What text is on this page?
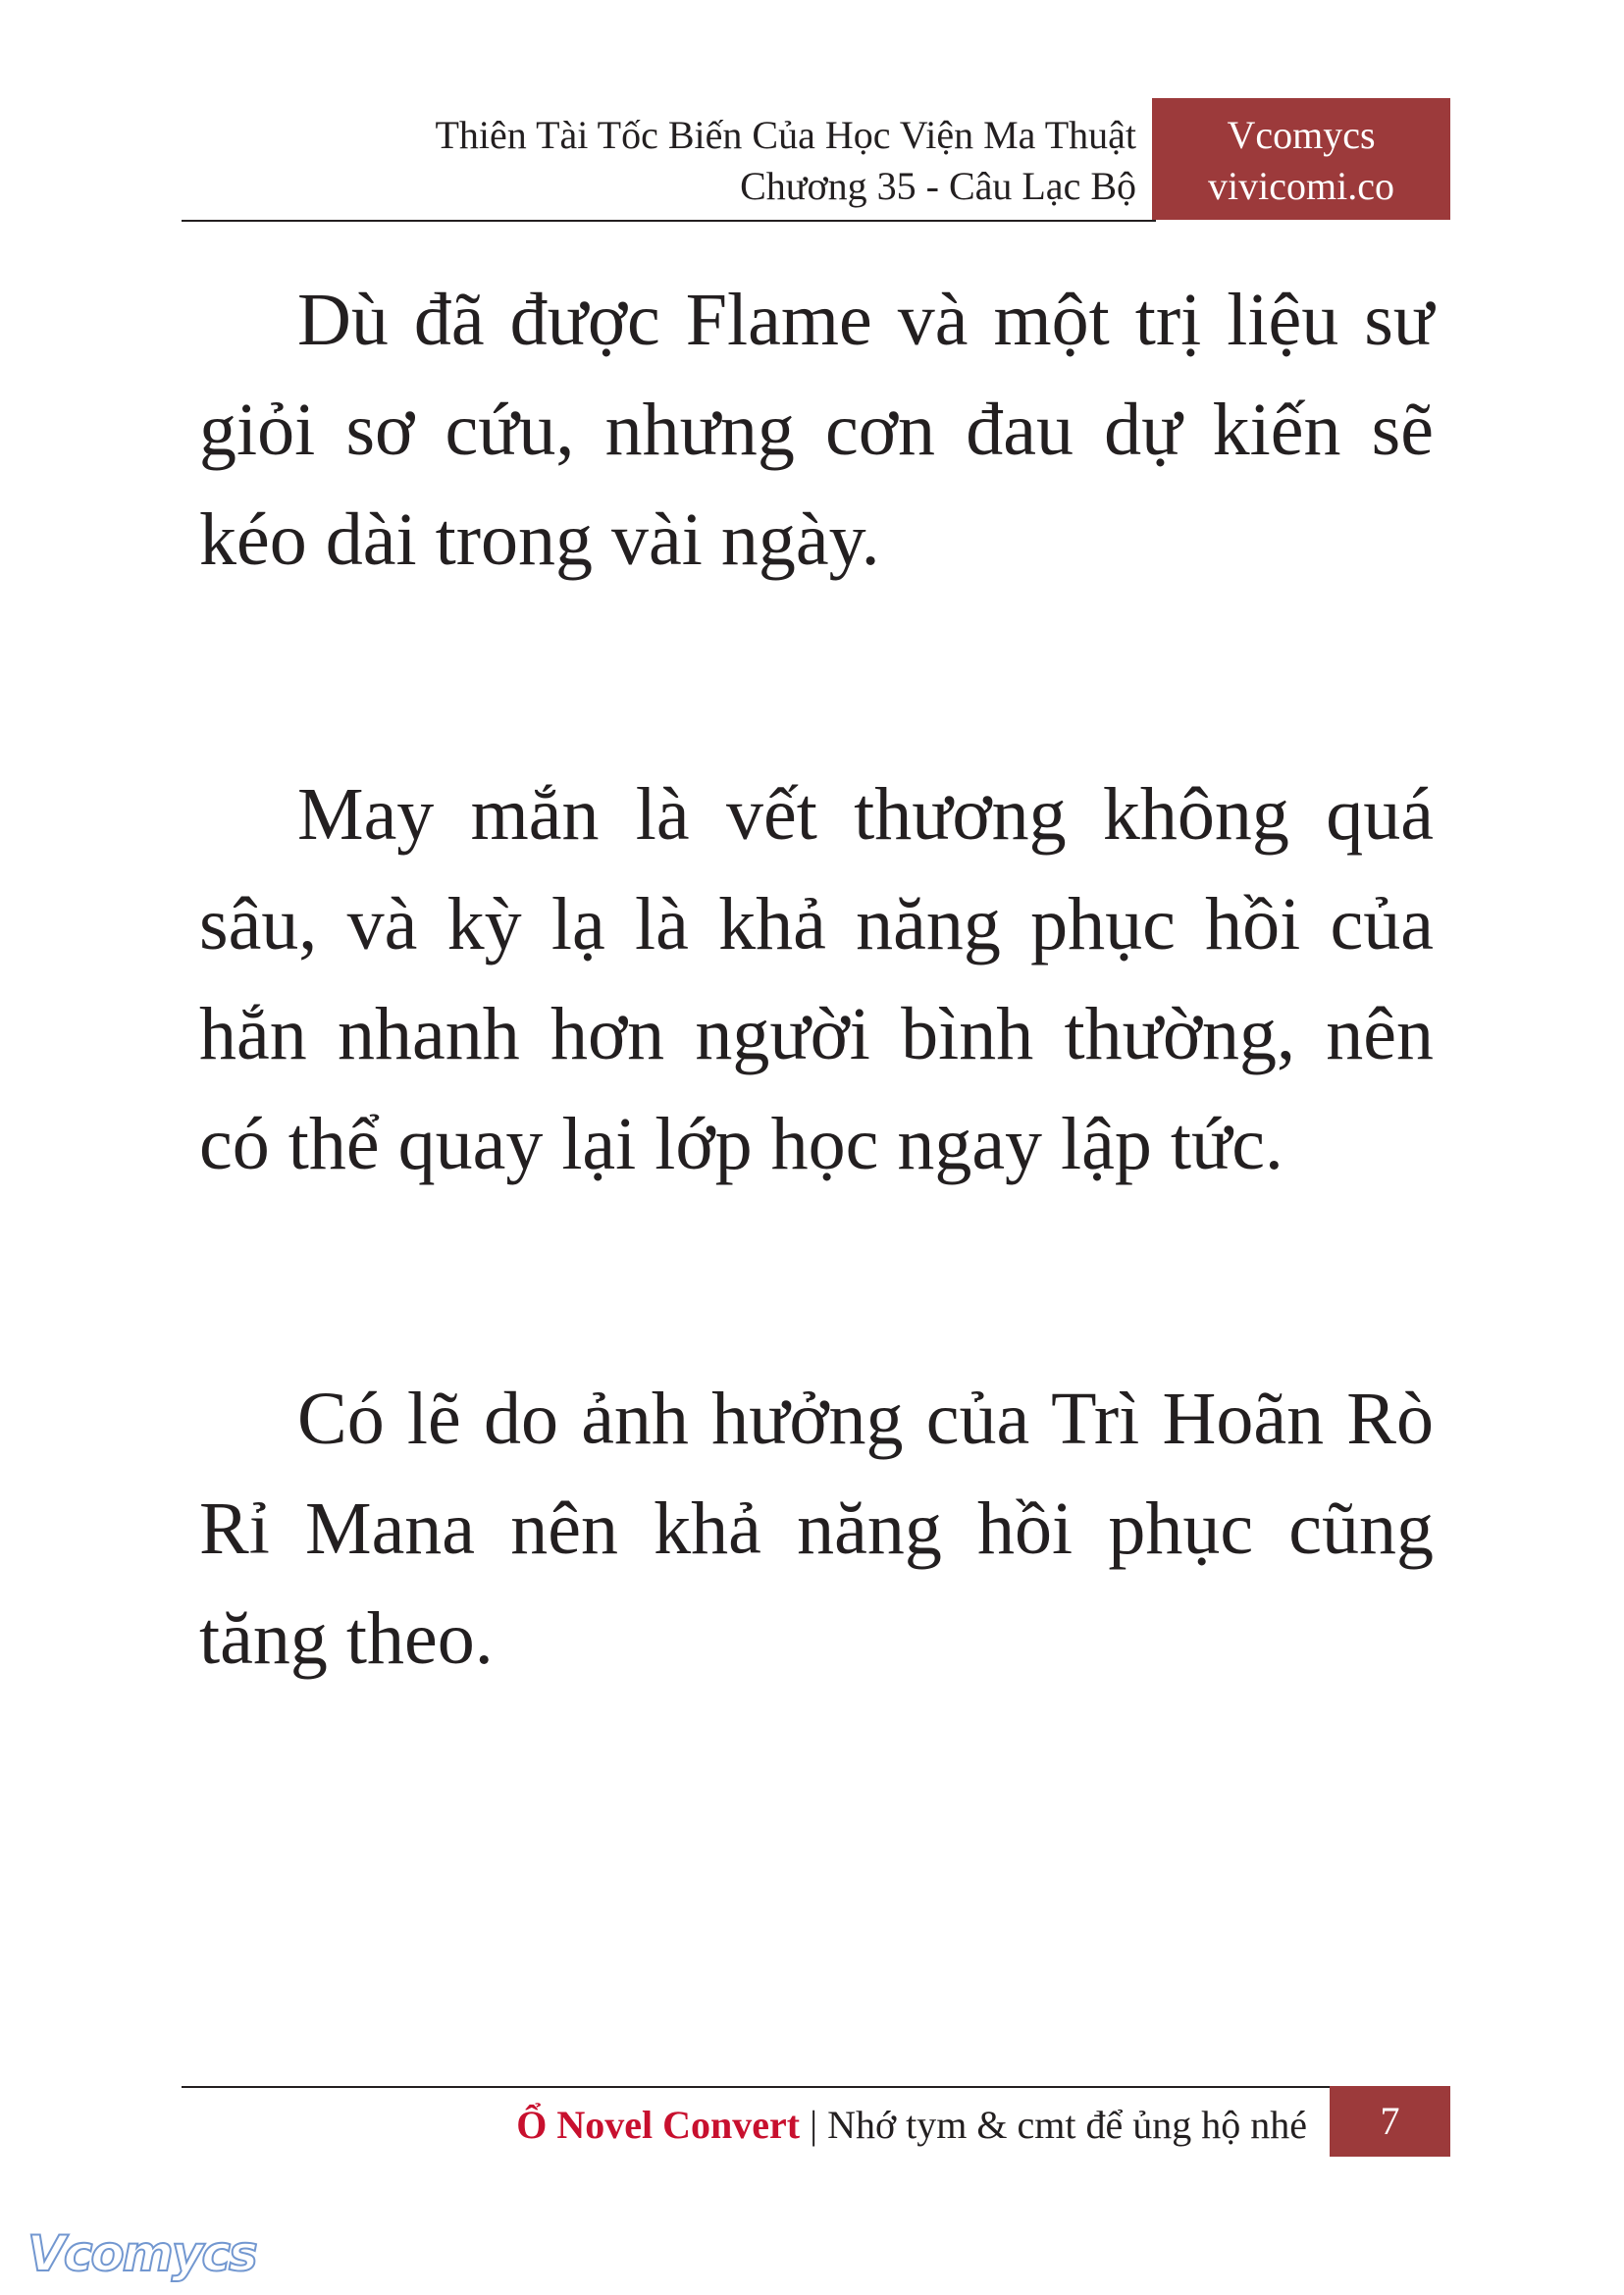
Thiên Tài Tốc Biến Của Học Viện Ma Thuật
Chương 35 - Câu Lạc Bộ
Vcomycs
vivicomi.co

Dù đã được Flame và một trị liệu sư giỏi sơ cứu, nhưng cơn đau dự kiến sẽ kéo dài trong vài ngày.

May mắn là vết thương không quá sâu, và kỳ lạ là khả năng phục hồi của hắn nhanh hơn người bình thường, nên có thể quay lại lớp học ngay lập tức.

Có lẽ do ảnh hưởng của Trì Hoãn Rò Rỉ Mana nên khả năng hồi phục cũng tăng theo.

Ổ Novel Convert | Nhớ tym & cmt để ủng hộ nhé	7
Vcomycs
